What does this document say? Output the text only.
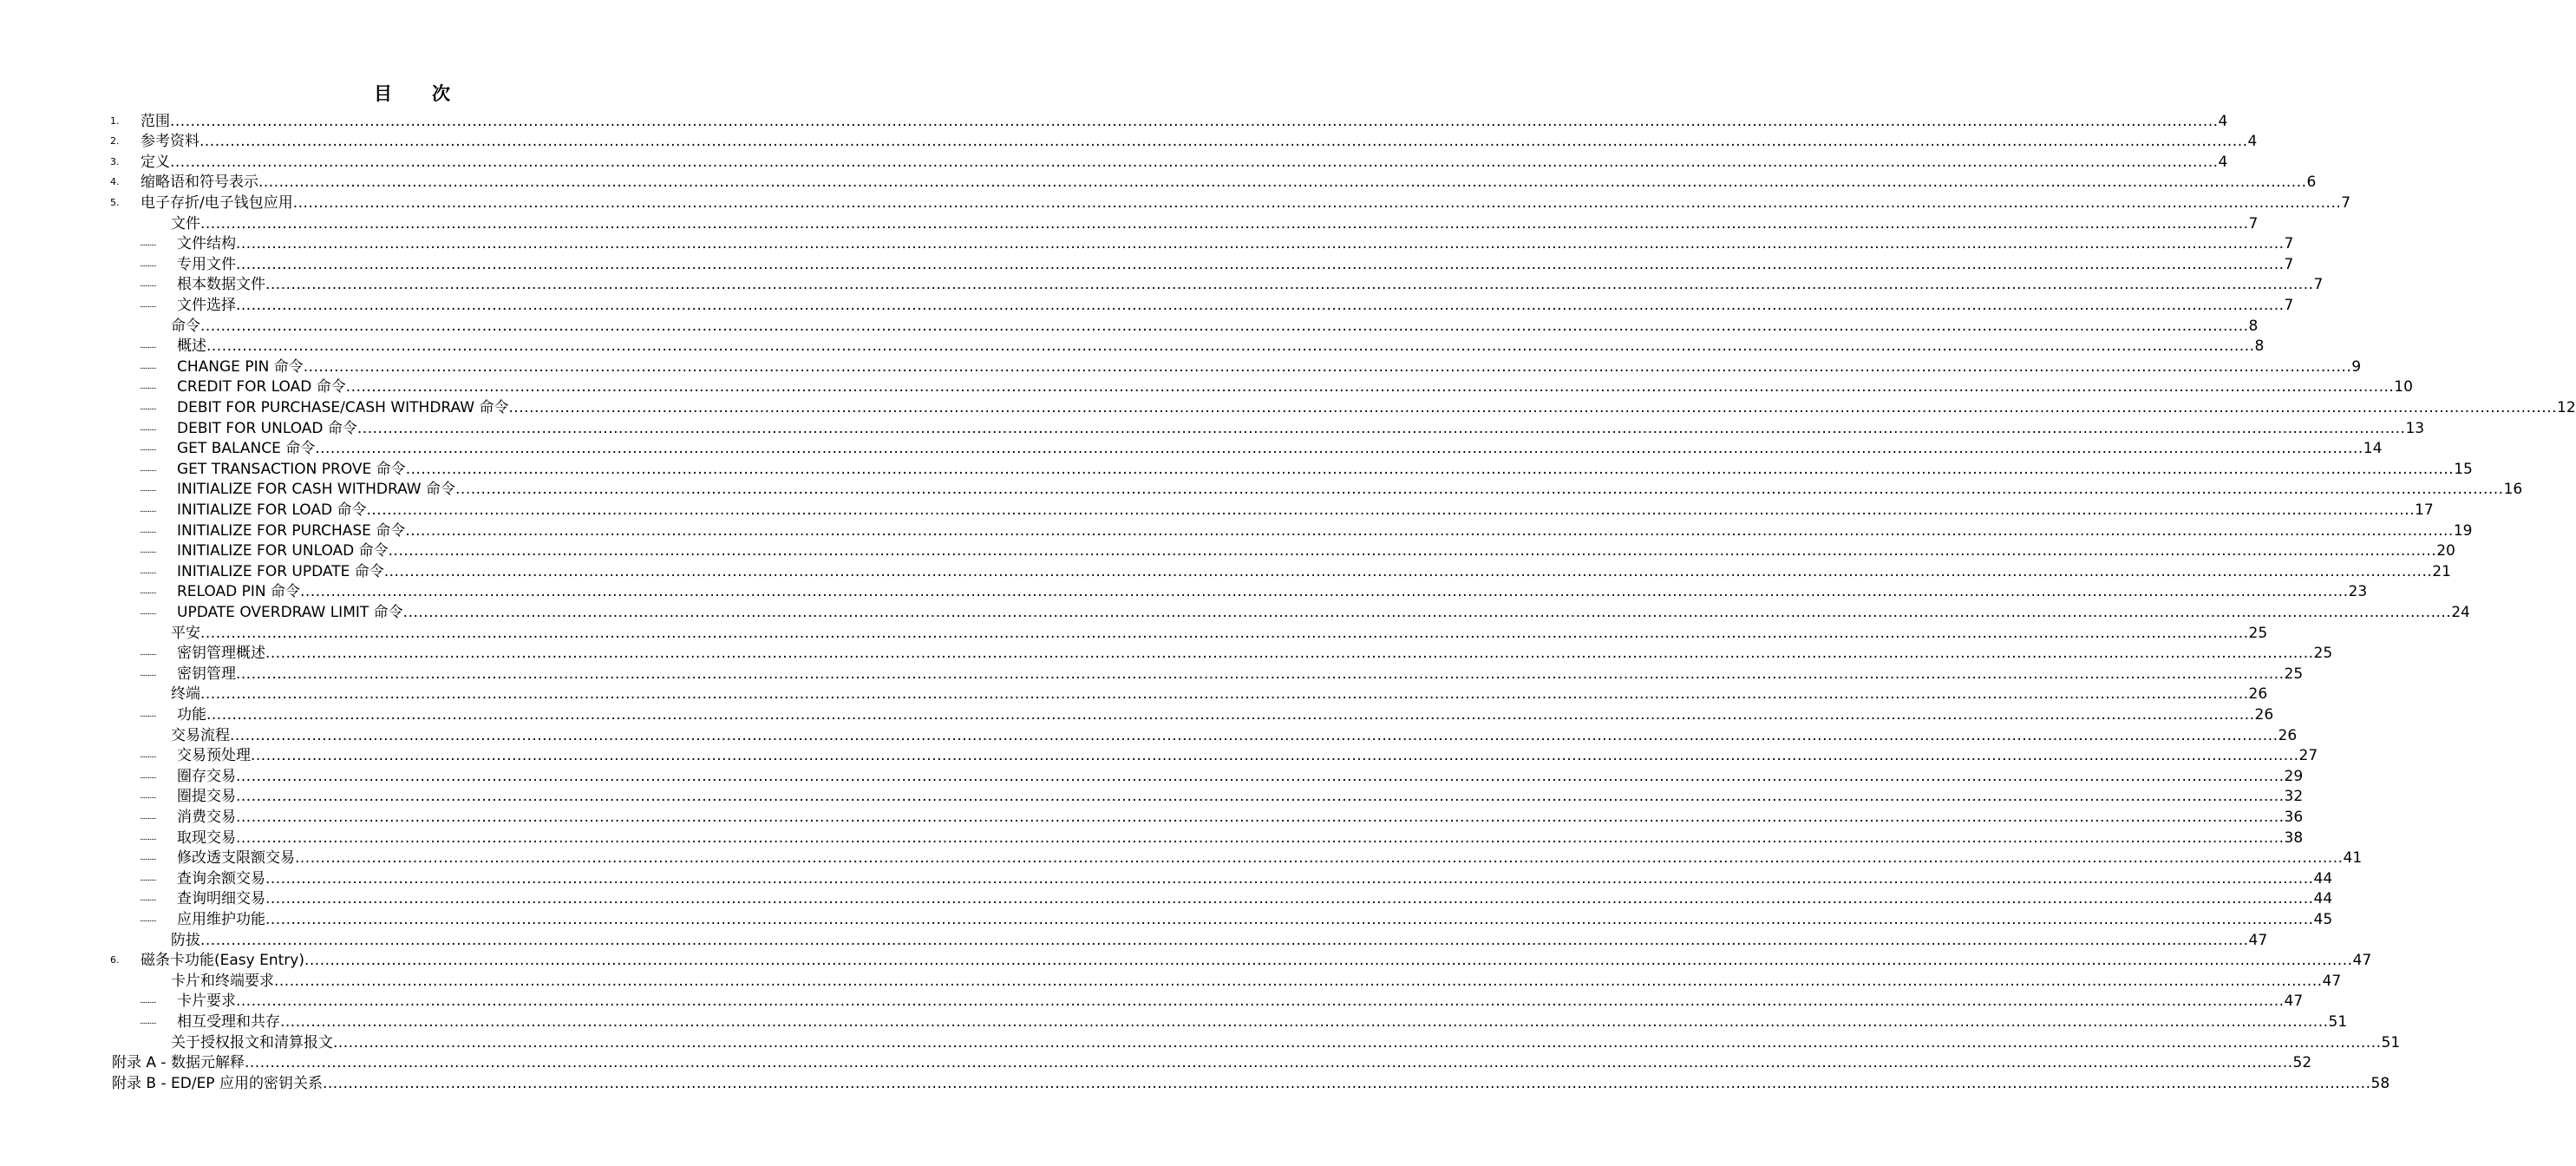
目 次
1. 范围 ................................................................................................................................................................................................................................................................................................................................................................................................................ 4
2. 参考资料 ................................................................................................................................................................................................................................................................................................................................................................................................................ 4
3. 定义 ................................................................................................................................................................................................................................................................................................................................................................................................................ 4
4. 缩略语和符号表示 ................................................................................................................................................................................................................................................................................................................................................................................................................ 6
5. 电子存折/电子钱包应用 ................................................................................................................................................................................................................................................................................................................................................................................................................ 7
文件 ................................................................................................................................................................................................................................................................................................................................................................................................................ 7
.......... 文件结构 ................................................................................................................................................................................................................................................................................................................................................................................................................ 7
.......... 专用文件 ................................................................................................................................................................................................................................................................................................................................................................................................................ 7
.......... 根本数据文件 ................................................................................................................................................................................................................................................................................................................................................................................................................ 7
.......... 文件选择 ................................................................................................................................................................................................................................................................................................................................................................................................................ 7
命令 ................................................................................................................................................................................................................................................................................................................................................................................................................ 8
.......... 概述 ................................................................................................................................................................................................................................................................................................................................................................................................................ 8
.......... CHANGE PIN 命令 ................................................................................................................................................................................................................................................................................................................................................................................................................ 9
.......... CREDIT FOR LOAD 命令 ................................................................................................................................................................................................................................................................................................................................................................................................................ 10
.......... DEBIT FOR PURCHASE/CASH WITHDRAW 命令 ................................................................................................................................................................................................................................................................................................................................................................................................................ 12
.......... DEBIT FOR UNLOAD 命令 ................................................................................................................................................................................................................................................................................................................................................................................................................ 13
.......... GET BALANCE 命令 ................................................................................................................................................................................................................................................................................................................................................................................................................ 14
.......... GET TRANSACTION PROVE 命令 ................................................................................................................................................................................................................................................................................................................................................................................................................ 15
.......... INITIALIZE FOR CASH WITHDRAW 命令 ................................................................................................................................................................................................................................................................................................................................................................................................................ 16
.......... INITIALIZE FOR LOAD 命令 ................................................................................................................................................................................................................................................................................................................................................................................................................ 17
.......... INITIALIZE FOR PURCHASE 命令 ................................................................................................................................................................................................................................................................................................................................................................................................................ 19
.......... INITIALIZE FOR UNLOAD 命令 ................................................................................................................................................................................................................................................................................................................................................................................................................ 20
.......... INITIALIZE FOR UPDATE 命令 ................................................................................................................................................................................................................................................................................................................................................................................................................ 21
.......... RELOAD PIN 命令 ................................................................................................................................................................................................................................................................................................................................................................................................................ 23
.......... UPDATE OVERDRAW LIMIT 命令 ................................................................................................................................................................................................................................................................................................................................................................................................................ 24
平安 ................................................................................................................................................................................................................................................................................................................................................................................................................ 25
.......... 密钥管理概述 ................................................................................................................................................................................................................................................................................................................................................................................................................ 25
.......... 密钥管理 ................................................................................................................................................................................................................................................................................................................................................................................................................ 25
终端 ................................................................................................................................................................................................................................................................................................................................................................................................................ 26
.......... 功能 ................................................................................................................................................................................................................................................................................................................................................................................................................ 26
交易流程 ................................................................................................................................................................................................................................................................................................................................................................................................................ 26
.......... 交易预处理 ................................................................................................................................................................................................................................................................................................................................................................................................................ 27
.......... 圈存交易 ................................................................................................................................................................................................................................................................................................................................................................................................................ 29
.......... 圈提交易 ................................................................................................................................................................................................................................................................................................................................................................................................................ 32
.......... 消费交易 ................................................................................................................................................................................................................................................................................................................................................................................................................ 36
.......... 取现交易 ................................................................................................................................................................................................................................................................................................................................................................................................................ 38
.......... 修改透支限额交易 ................................................................................................................................................................................................................................................................................................................................................................................................................ 41
.......... 查询余额交易 ................................................................................................................................................................................................................................................................................................................................................................................................................ 44
.......... 查询明细交易 ................................................................................................................................................................................................................................................................................................................................................................................................................ 44
.......... 应用维护功能 ................................................................................................................................................................................................................................................................................................................................................................................................................ 45
防拔 ................................................................................................................................................................................................................................................................................................................................................................................................................ 47
6. 磁条卡功能(Easy Entry) ................................................................................................................................................................................................................................................................................................................................................................................................................ 47
卡片和终端要求 ................................................................................................................................................................................................................................................................................................................................................................................................................ 47
.......... 卡片要求 ................................................................................................................................................................................................................................................................................................................................................................................................................ 47
.......... 相互受理和共存 ................................................................................................................................................................................................................................................................................................................................................................................................................ 51
关于授权报文和清算报文 ................................................................................................................................................................................................................................................................................................................................................................................................................ 51
附录 A - 数据元解释 ................................................................................................................................................................................................................................................................................................................................................................................................................ 52
附录 B - ED/EP 应用的密钥关系 ................................................................................................................................................................................................................................................................................................................................................................................................................ 58
